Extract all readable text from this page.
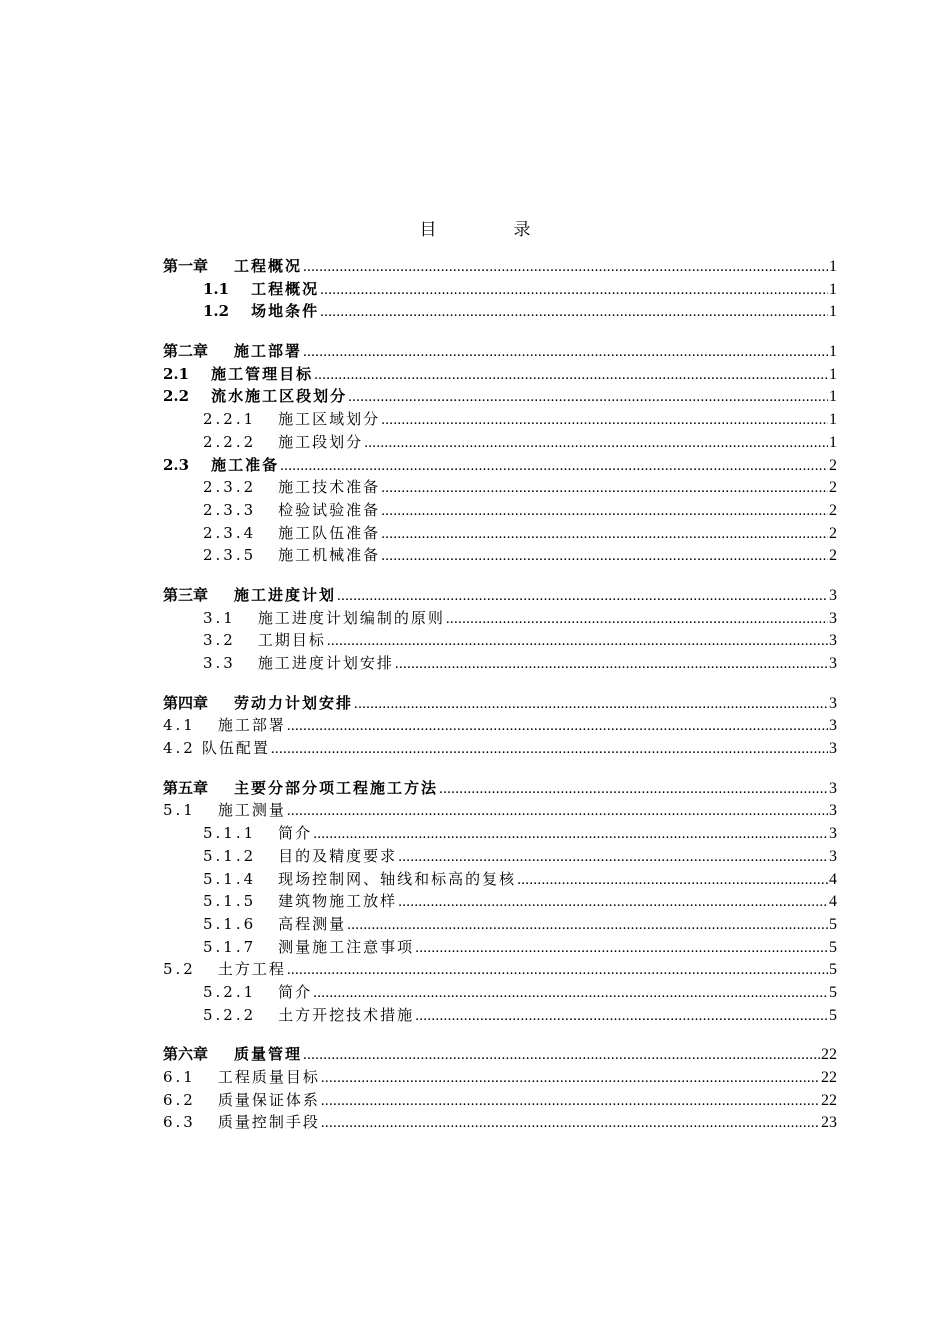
目　录
第一章 工程概况 .....	1
1.1 工程概况 .....	1
1.2 场地条件 .....	1
第二章 施工部署 .....	1
2.1 施工管理目标 .....	1
2.2 流水施工区段划分 .....	1
2.2.1 施工区域划分 .....	1
2.2.2 施工段划分 .....	1
2.3 施工准备 .....	2
2.3.2 施工技术准备 .....	2
2.3.3 检验试验准备 .....	2
2.3.4 施工队伍准备 .....	2
2.3.5 施工机械准备 .....	2
第三章 施工进度计划 .....	3
3.1 施工进度计划编制的原则 .....	3
3.2 工期目标 .....	3
3.3 施工进度计划安排 .....	3
第四章 劳动力计划安排 .....	3
4.1 施工部署 .....	3
4.2 队伍配置 .....	3
第五章 主要分部分项工程施工方法 .....	3
5.1 施工测量 .....	3
5.1.1 简介 .....	3
5.1.2 目的及精度要求 .....	3
5.1.4 现场控制网、轴线和标高的复核 .....	4
5.1.5 建筑物施工放样 .....	4
5.1.6 高程测量 .....	5
5.1.7 测量施工注意事项 .....	5
5.2 土方工程 .....	5
5.2.1 简介 .....	5
5.2.2 土方开挖技术措施 .....	5
第六章 质量管理 .....	22
6.1 工程质量目标 .....	22
6.2 质量保证体系 .....	22
6.3 质量控制手段 .....	23
